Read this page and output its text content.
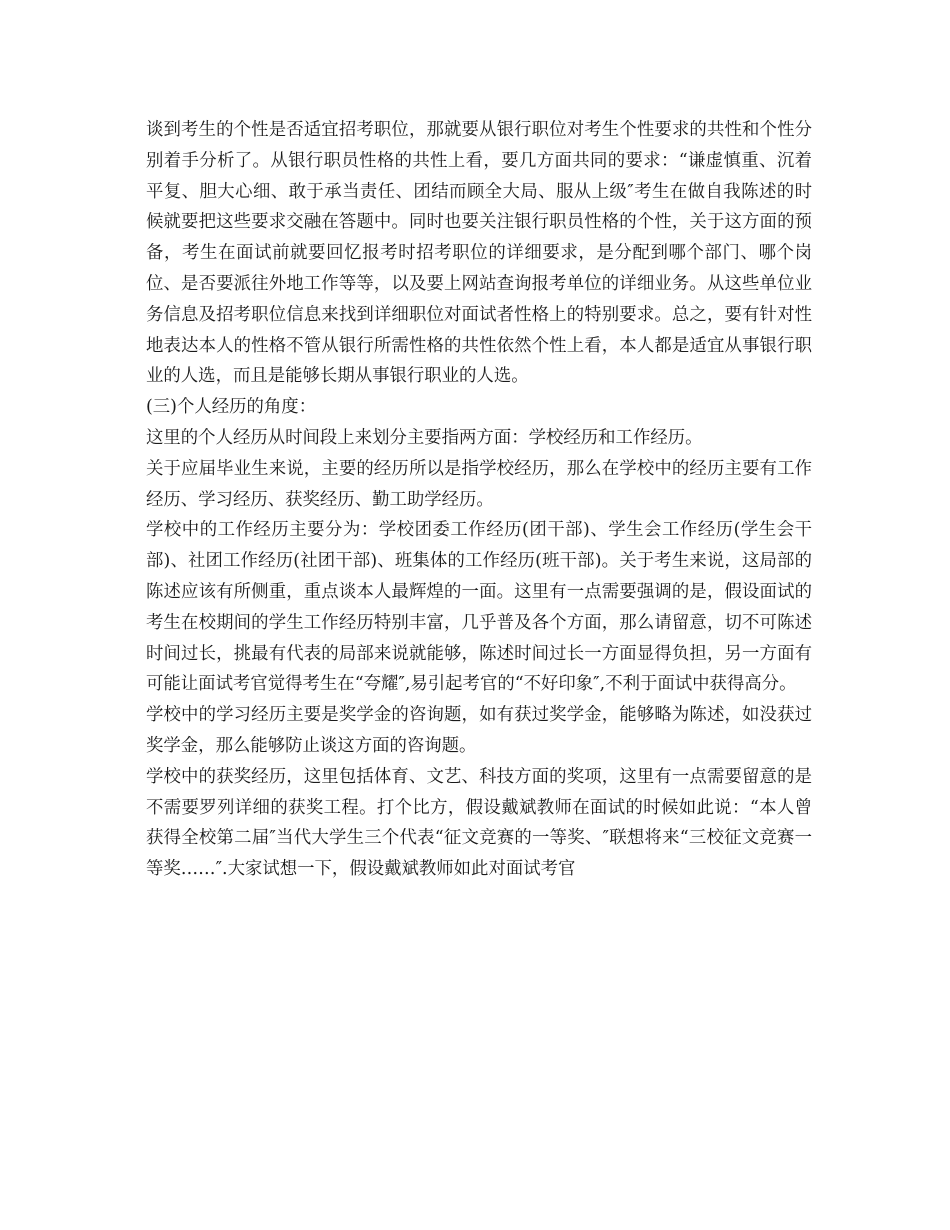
谈到考生的个性是否适宜招考职位，那就要从银行职位对考生个性要求的共性和个性分别着手分析了。从银行职员性格的共性上看，要几方面共同的要求：“谦虚慎重、沉着平复、胆大心细、敢于承当责任、团结而顾全大局、服从上级″考生在做自我陈述的时候就要把这些要求交融在答题中。同时也要关注银行职员性格的个性，关于这方面的预备，考生在面试前就要回忆报考时招考职位的详细要求，是分配到哪个部门、哪个岗位、是否要派往外地工作等等，以及要上网站查询报考单位的详细业务。从这些单位业务信息及招考职位信息来找到详细职位对面试者性格上的特别要求。总之，要有针对性地表达本人的性格不管从银行所需性格的共性依然个性上看，本人都是适宜从事银行职业的人选，而且是能够长期从事银行职业的人选。

(三)个人经历的角度：

这里的个人经历从时间段上来划分主要指两方面：学校经历和工作经历。

关于应届毕业生来说，主要的经历所以是指学校经历，那么在学校中的经历主要有工作经历、学习经历、获奖经历、勤工助学经历。

学校中的工作经历主要分为：学校团委工作经历(团干部)、学生会工作经历(学生会干部)、社团工作经历(社团干部)、班集体的工作经历(班干部)。关于考生来说，这局部的陈述应该有所侧重，重点谈本人最辉煌的一面。这里有一点需要强调的是，假设面试的考生在校期间的学生工作经历特别丰富，几乎普及各个方面，那么请留意，切不可陈述时间过长，挑最有代表的局部来说就能够，陈述时间过长一方面显得负担，另一方面有可能让面试考官觉得考生在“夸耀″,易引起考官的“不好印象″,不利于面试中获得高分。

学校中的学习经历主要是奖学金的咨询题，如有获过奖学金，能够略为陈述，如没获过奖学金，那么能够防止谈这方面的咨询题。

学校中的获奖经历，这里包括体育、文艺、科技方面的奖项，这里有一点需要留意的是不需要罗列详细的获奖工程。打个比方，假设戴斌教师在面试的时候如此说：“本人曾获得全校第二届″当代大学生三个代表“征文竞赛的一等奖、″联想将来“三校征文竞赛一等奖……″.大家试想一下，假设戴斌教师如此对面试考官
